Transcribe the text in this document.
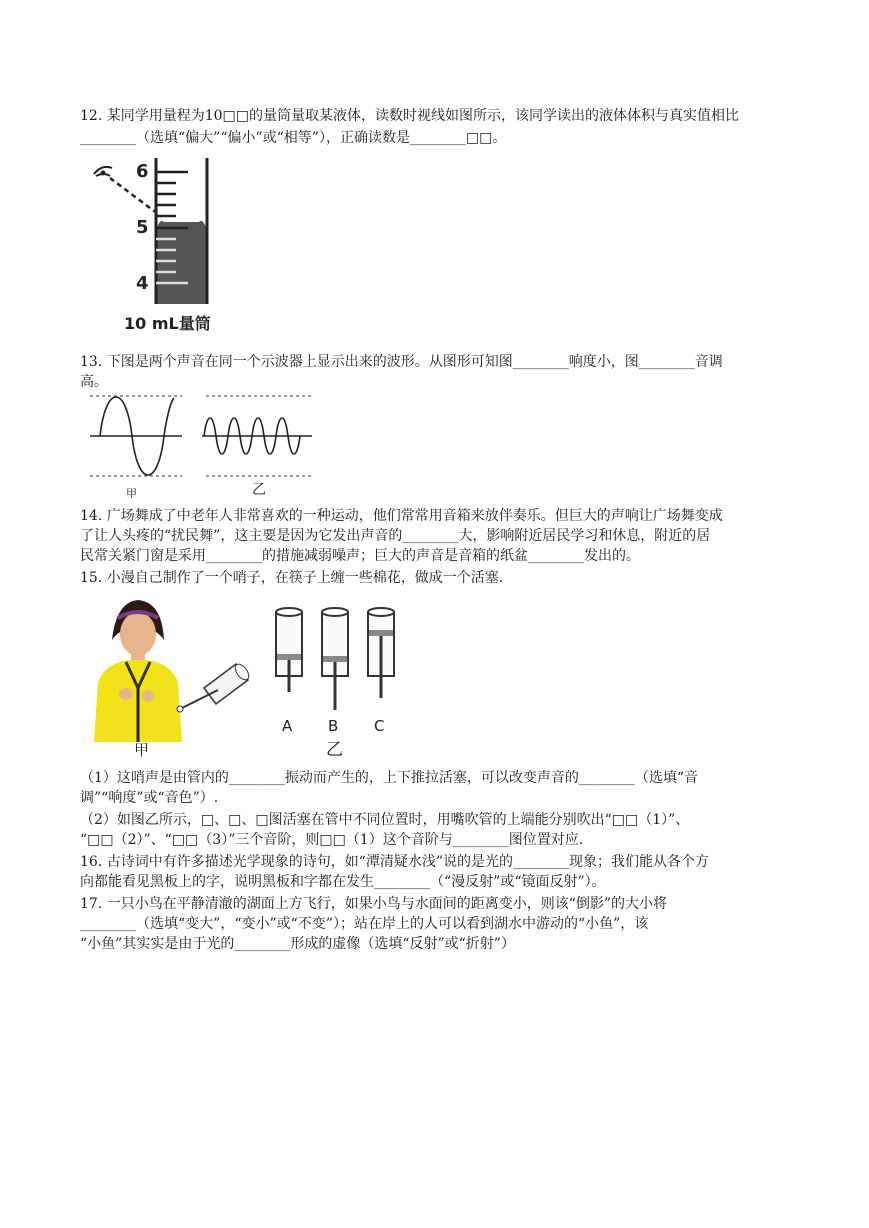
12. 某同学用量程为10□□的量筒量取某液体，读数时视线如图所示，该同学读出的液体体积与真实值相比
________（选填“偏大”“偏小”或“相等”），正确读数是________□□。
6
5
4
10 mL量筒
13. 下图是两个声音在同一个示波器上显示出来的波形。从图形可知图________响度小，图________音调
高。
甲	乙
14. 广场舞成了中老年人非常喜欢的一种运动，他们常常用音箱来放伴奏乐。但巨大的声响让广场舞变成
了让人头疼的“扰民舞”，这主要是因为它发出声音的________大，影响附近居民学习和休息，附近的居
民常关紧门窗是采用________的措施减弱噪声；巨大的声音是音箱的纸盆________发出的。
15. 小漫自己制作了一个哨子，在筷子上缠一些棉花，做成一个活塞.
甲
A B C
乙
（1）这哨声是由管内的________振动而产生的，上下推拉活塞，可以改变声音的________（选填“音
调”“响度”或“音色”）.
（2）如图乙所示，□、□、□图活塞在管中不同位置时，用嘴吹管的上端能分别吹出“□□（1）”、
“□□（2）”、“□□（3）”三个音阶，则□□（1）这个音阶与________图位置对应.
16. 古诗词中有许多描述光学现象的诗句，如“潭清疑水浅”说的是光的________现象；我们能从各个方
向都能看见黑板上的字，说明黑板和字都在发生________（“漫反射”或“镜面反射”）。
17. 一只小鸟在平静清澈的湖面上方飞行，如果小鸟与水面间的距离变小，则该“倒影”的大小将
________（选填“变大”，“变小”或“不变”）；站在岸上的人可以看到湖水中游动的“小鱼”，该
“小鱼”其实实是由于光的________形成的虚像（选填“反射”或“折射”）
